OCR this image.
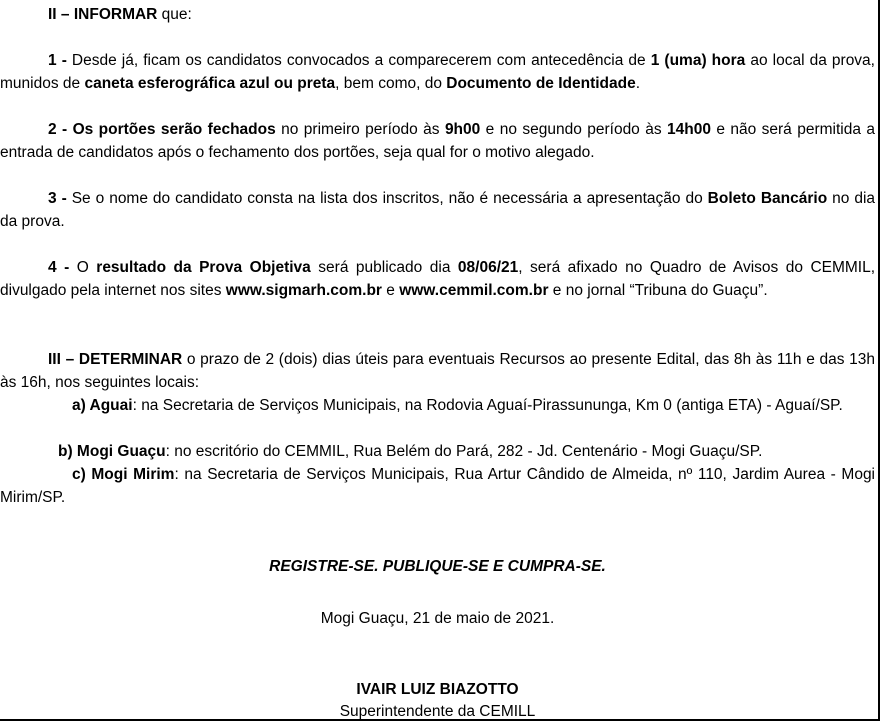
II – INFORMAR que:

1 - Desde já, ficam os candidatos convocados a comparecerem com antecedência de 1 (uma) hora ao local da prova, munidos de caneta esferográfica azul ou preta, bem como, do Documento de Identidade.

2 - Os portões serão fechados no primeiro período às 9h00 e no segundo período às 14h00 e não será permitida a entrada de candidatos após o fechamento dos portões, seja qual for o motivo alegado.

3 - Se o nome do candidato consta na lista dos inscritos, não é necessária a apresentação do Boleto Bancário no dia da prova.

4 - O resultado da Prova Objetiva será publicado dia 08/06/21, será afixado no Quadro de Avisos do CEMMIL, divulgado pela internet nos sites www.sigmarh.com.br e www.cemmil.com.br e no jornal “Tribuna do Guaçu”.

III – DETERMINAR o prazo de 2 (dois) dias úteis para eventuais Recursos ao presente Edital, das 8h às 11h e das 13h às 16h, nos seguintes locais:

a) Aguai: na Secretaria de Serviços Municipais, na Rodovia Aguaí-Pirassununga, Km 0 (antiga ETA) - Aguaí/SP.

b) Mogi Guaçu: no escritório do CEMMIL, Rua Belém do Pará, 282 - Jd. Centenário - Mogi Guaçu/SP.

c) Mogi Mirim: na Secretaria de Serviços Municipais, Rua Artur Cândido de Almeida, nº 110, Jardim Aurea - Mogi Mirim/SP.

REGISTRE-SE. PUBLIQUE-SE E CUMPRA-SE.

Mogi Guaçu, 21 de maio de 2021.

IVAIR LUIZ BIAZOTTO

Superintendente da CEMILL
